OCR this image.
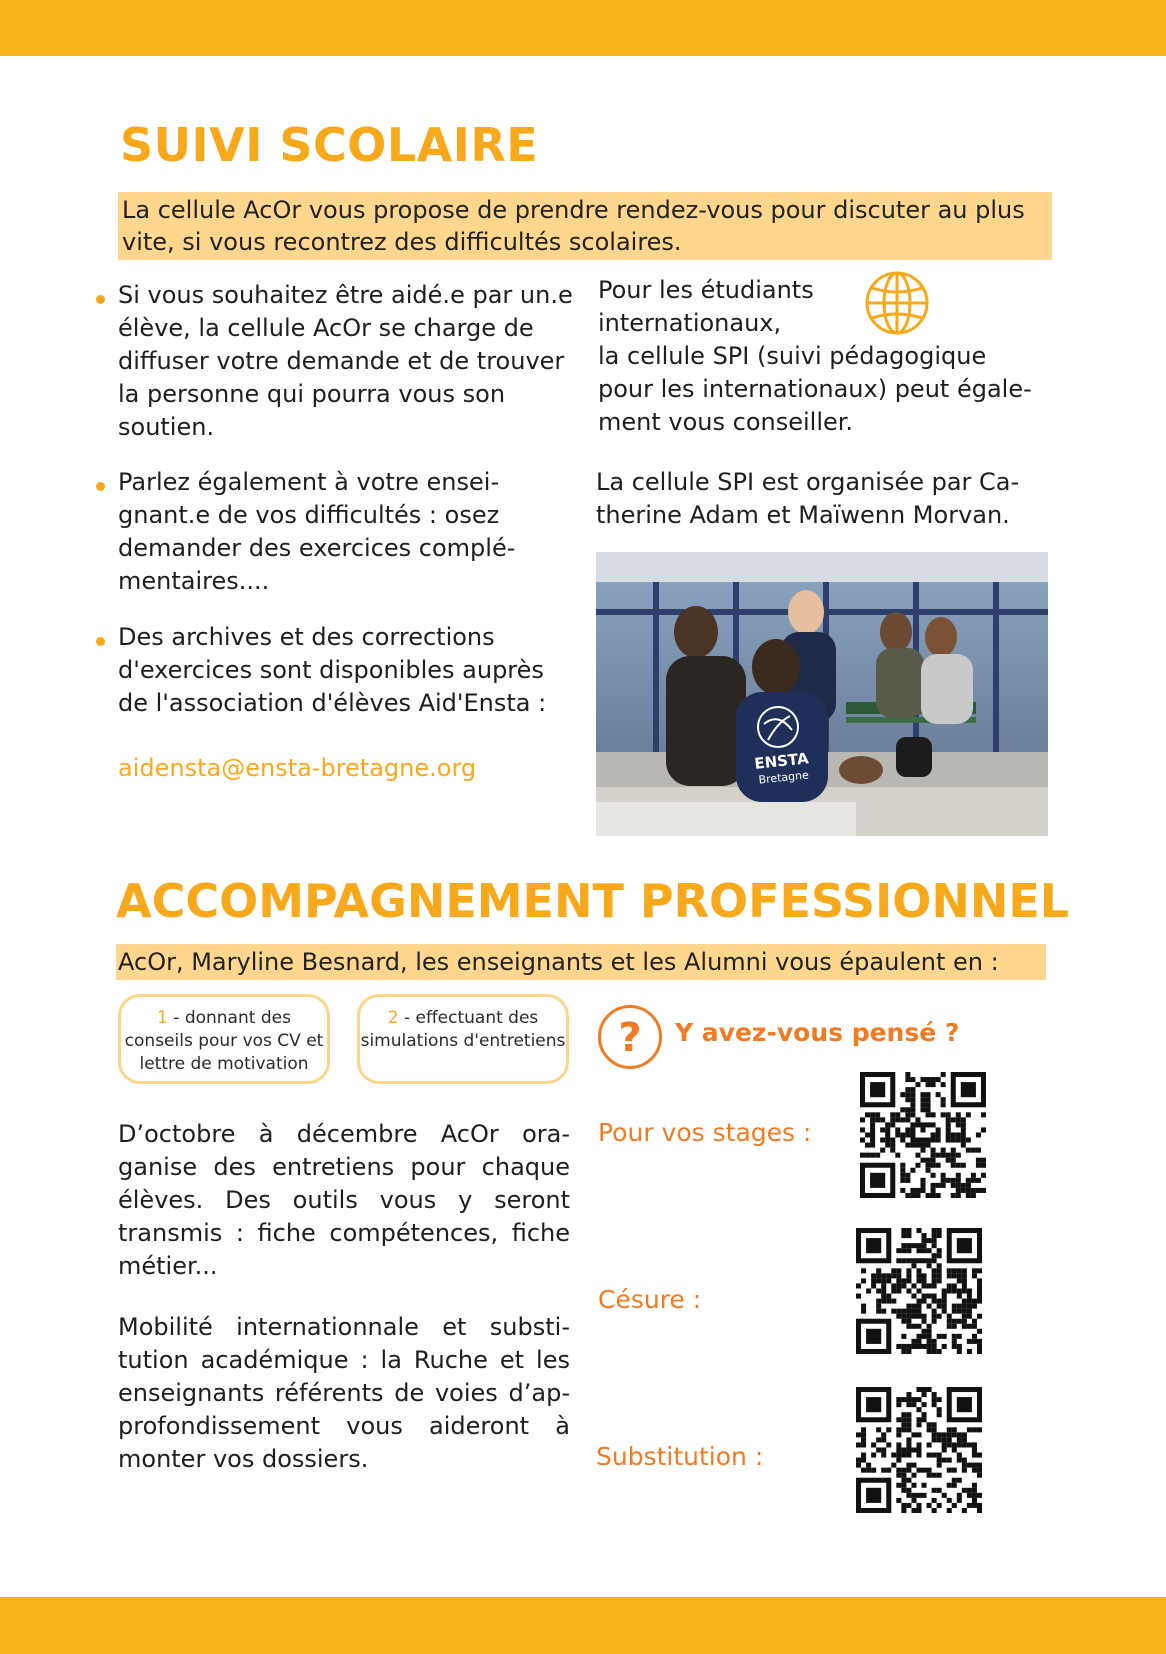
SUIVI SCOLAIRE
La cellule AcOr vous propose de prendre rendez-vous pour discuter au plus vite, si vous recontrez des difficultés scolaires.
Si vous souhaitez être aidé.e par un.e élève, la cellule AcOr se charge de diffuser votre demande et de trouver la personne qui pourra vous son soutien.
Parlez également à votre ensei-gnant.e de vos difficultés : osez demander des exercices complé-mentaires....
Des archives et des corrections d'exercices sont disponibles auprès de l'association d'élèves Aid'Ensta :
aidensta@ensta-bretagne.org
Pour les étudiants
internationaux,
la cellule SPI (suivi pédagogique
pour les internationaux) peut égale-
ment vous conseiller.
La cellule SPI est organisée par Ca-therine Adam et Maïwenn Morvan.
ENSTA
Bretagne
ACCOMPAGNEMENT PROFESSIONNEL
AcOr, Maryline Besnard, les enseignants et les Alumni vous épaulent en :
1 - donnant des conseils pour vos CV et lettre de motivation
2 - effectuant des simulations d'entretiens	?	Y avez-vous pensé ?
D’octobre à décembre AcOr ora-ganise des entretiens pour chaque élèves. Des outils vous y seront transmis : fiche compétences, fiche métier...
Mobilité internationnale et substi-tution académique : la Ruche et les enseignants référents de voies d’ap-profondissement vous aideront à monter vos dossiers.
Pour vos stages :
Césure :
Substitution :
